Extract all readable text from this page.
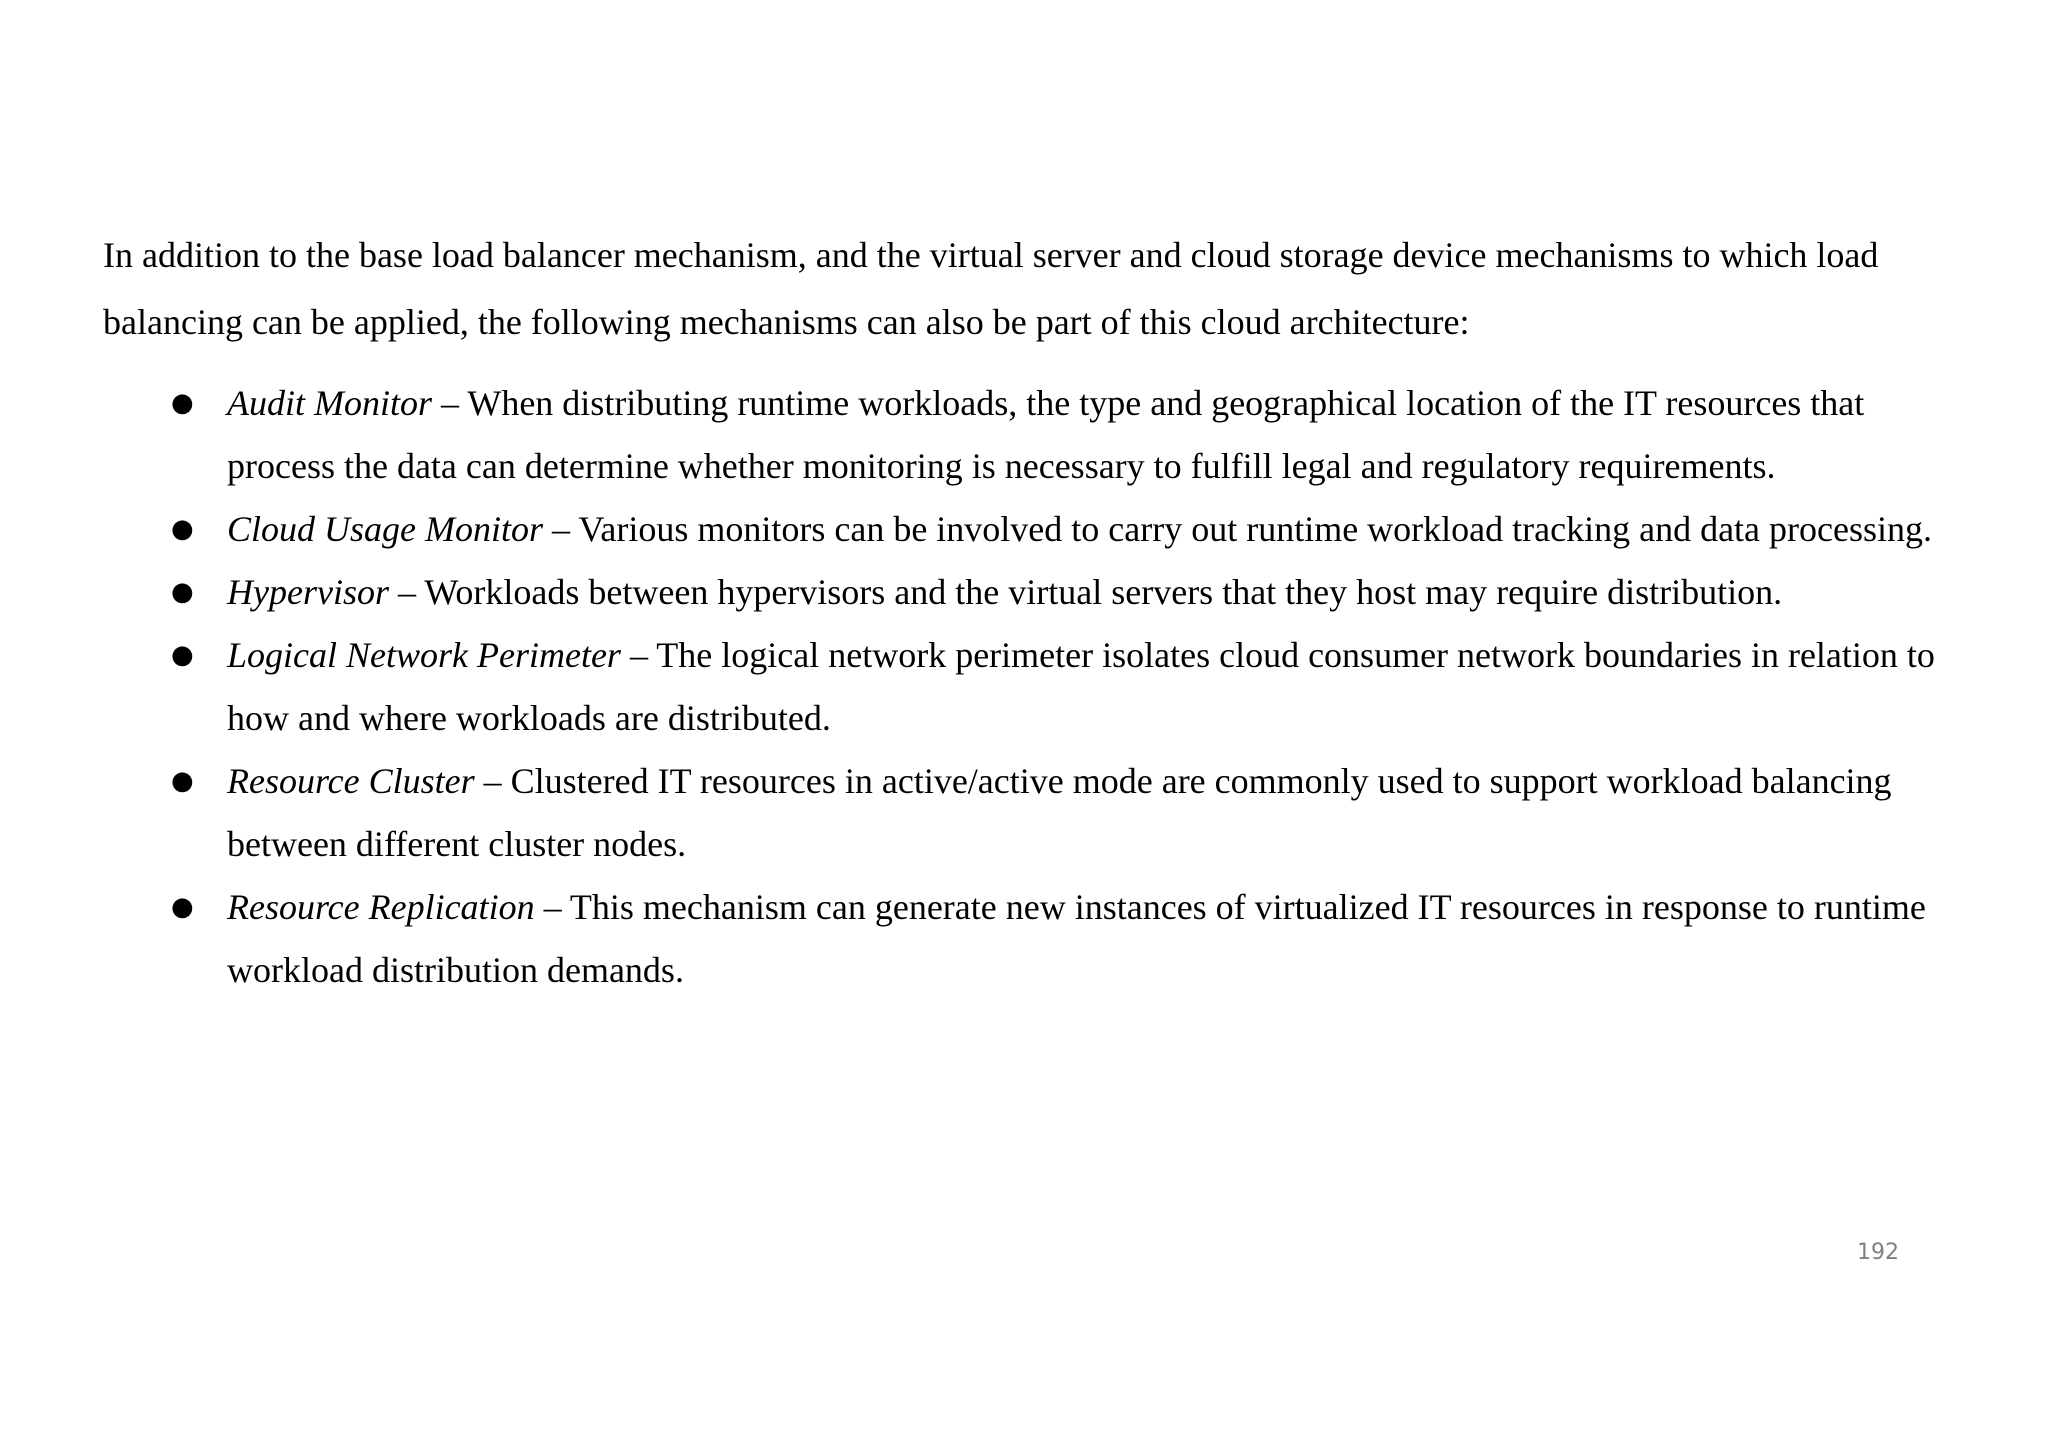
In addition to the base load balancer mechanism, and the virtual server and cloud storage device mechanisms to which load balancing can be applied, the following mechanisms can also be part of this cloud architecture:

● Audit Monitor – When distributing runtime workloads, the type and geographical location of the IT resources that process the data can determine whether monitoring is necessary to fulfill legal and regulatory requirements.
● Cloud Usage Monitor – Various monitors can be involved to carry out runtime workload tracking and data processing.
● Hypervisor – Workloads between hypervisors and the virtual servers that they host may require distribution.
● Logical Network Perimeter – The logical network perimeter isolates cloud consumer network boundaries in relation to how and where workloads are distributed.
● Resource Cluster – Clustered IT resources in active/active mode are commonly used to support workload balancing between different cluster nodes.
● Resource Replication – This mechanism can generate new instances of virtualized IT resources in response to runtime workload distribution demands.
192
